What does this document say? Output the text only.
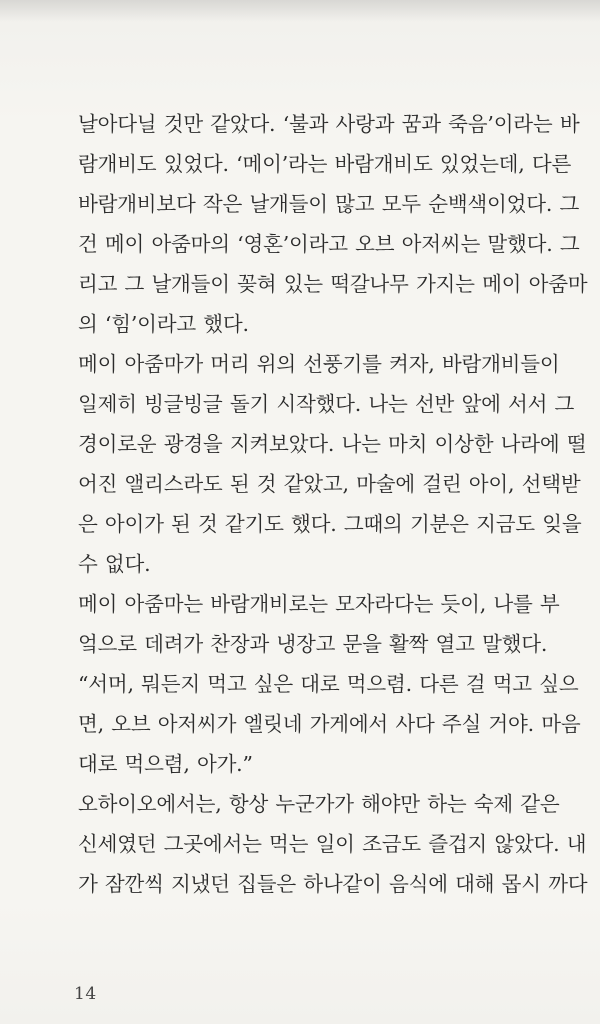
날아다닐 것만 같았다. ‘불과 사랑과 꿈과 죽음’이라는 바
람개비도 있었다. ‘메이’라는 바람개비도 있었는데, 다른
바람개비보다 작은 날개들이 많고 모두 순백색이었다. 그
건 메이 아줌마의 ‘영혼’이라고 오브 아저씨는 말했다. 그
리고 그 날개들이 꽂혀 있는 떡갈나무 가지는 메이 아줌마
의 ‘힘’이라고 했다.
메이 아줌마가 머리 위의 선풍기를 켜자, 바람개비들이
일제히 빙글빙글 돌기 시작했다. 나는 선반 앞에 서서 그
경이로운 광경을 지켜보았다. 나는 마치 이상한 나라에 떨
어진 앨리스라도 된 것 같았고, 마술에 걸린 아이, 선택받
은 아이가 된 것 같기도 했다. 그때의 기분은 지금도 잊을
수 없다.
메이 아줌마는 바람개비로는 모자라다는 듯이, 나를 부
엌으로 데려가 찬장과 냉장고 문을 활짝 열고 말했다.
“서머, 뭐든지 먹고 싶은 대로 먹으렴. 다른 걸 먹고 싶으
면, 오브 아저씨가 엘릿네 가게에서 사다 주실 거야. 마음
대로 먹으렴, 아가.”
오하이오에서는, 항상 누군가가 해야만 하는 숙제 같은
신세였던 그곳에서는 먹는 일이 조금도 즐겁지 않았다. 내
가 잠깐씩 지냈던 집들은 하나같이 음식에 대해 몹시 까다
14
